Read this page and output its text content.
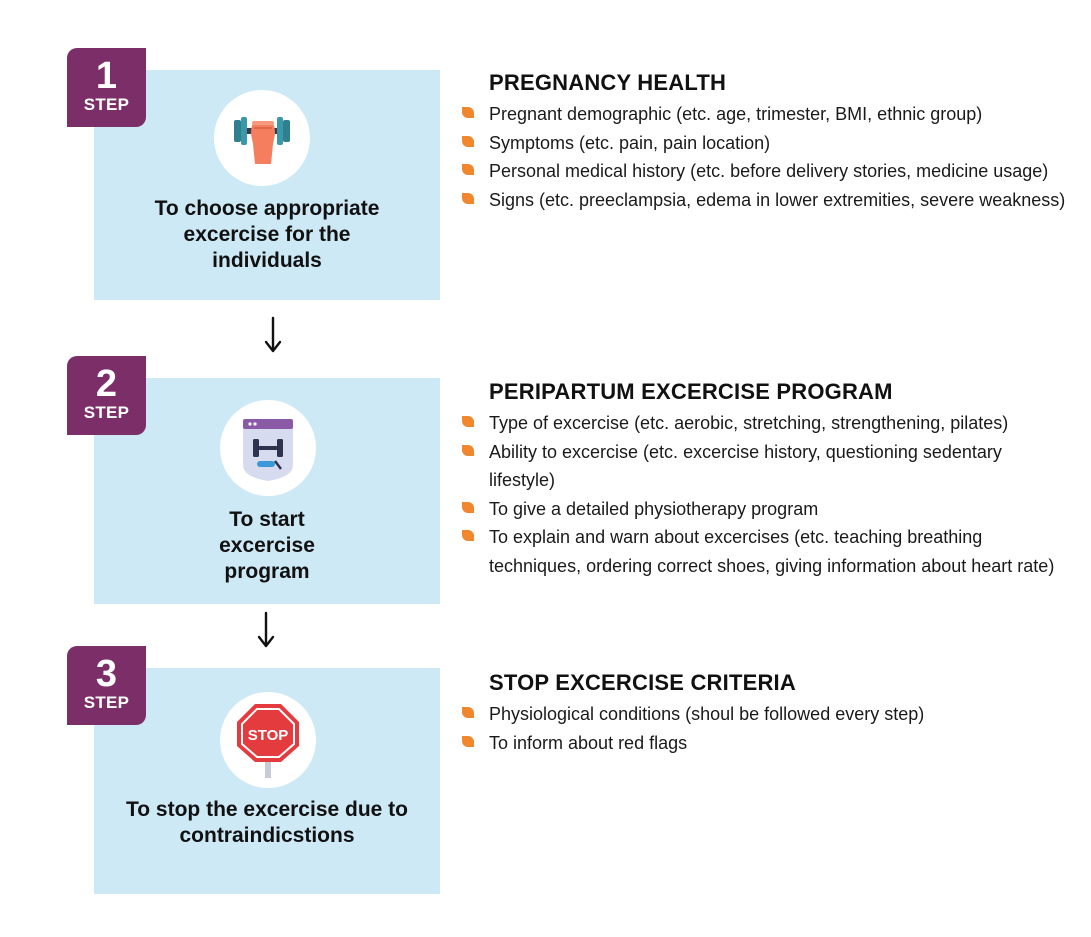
To choose appropriate excercise for the individuals
1
STEP
To start excercise program
2
STEP
STOP
To stop the excercise due to contraindicstions
3
STEP
PREGNANCY HEALTH
Pregnant demographic (etc. age, trimester, BMI, ethnic group)
Symptoms (etc. pain, pain location)
Personal medical history (etc. before delivery stories, medicine usage)
Signs (etc. preeclampsia, edema in lower extremities, severe weakness)
PERIPARTUM EXCERCISE PROGRAM
Type of excercise (etc. aerobic, stretching, strengthening, pilates)
Ability to excercise (etc. excercise history, questioning sedentary lifestyle)
To give a detailed physiotherapy program
To explain and warn about excercises (etc. teaching breathing techniques, ordering correct shoes, giving information about heart rate)
STOP EXCERCISE CRITERIA
Physiological conditions (shoul be followed every step)
To inform about red flags
